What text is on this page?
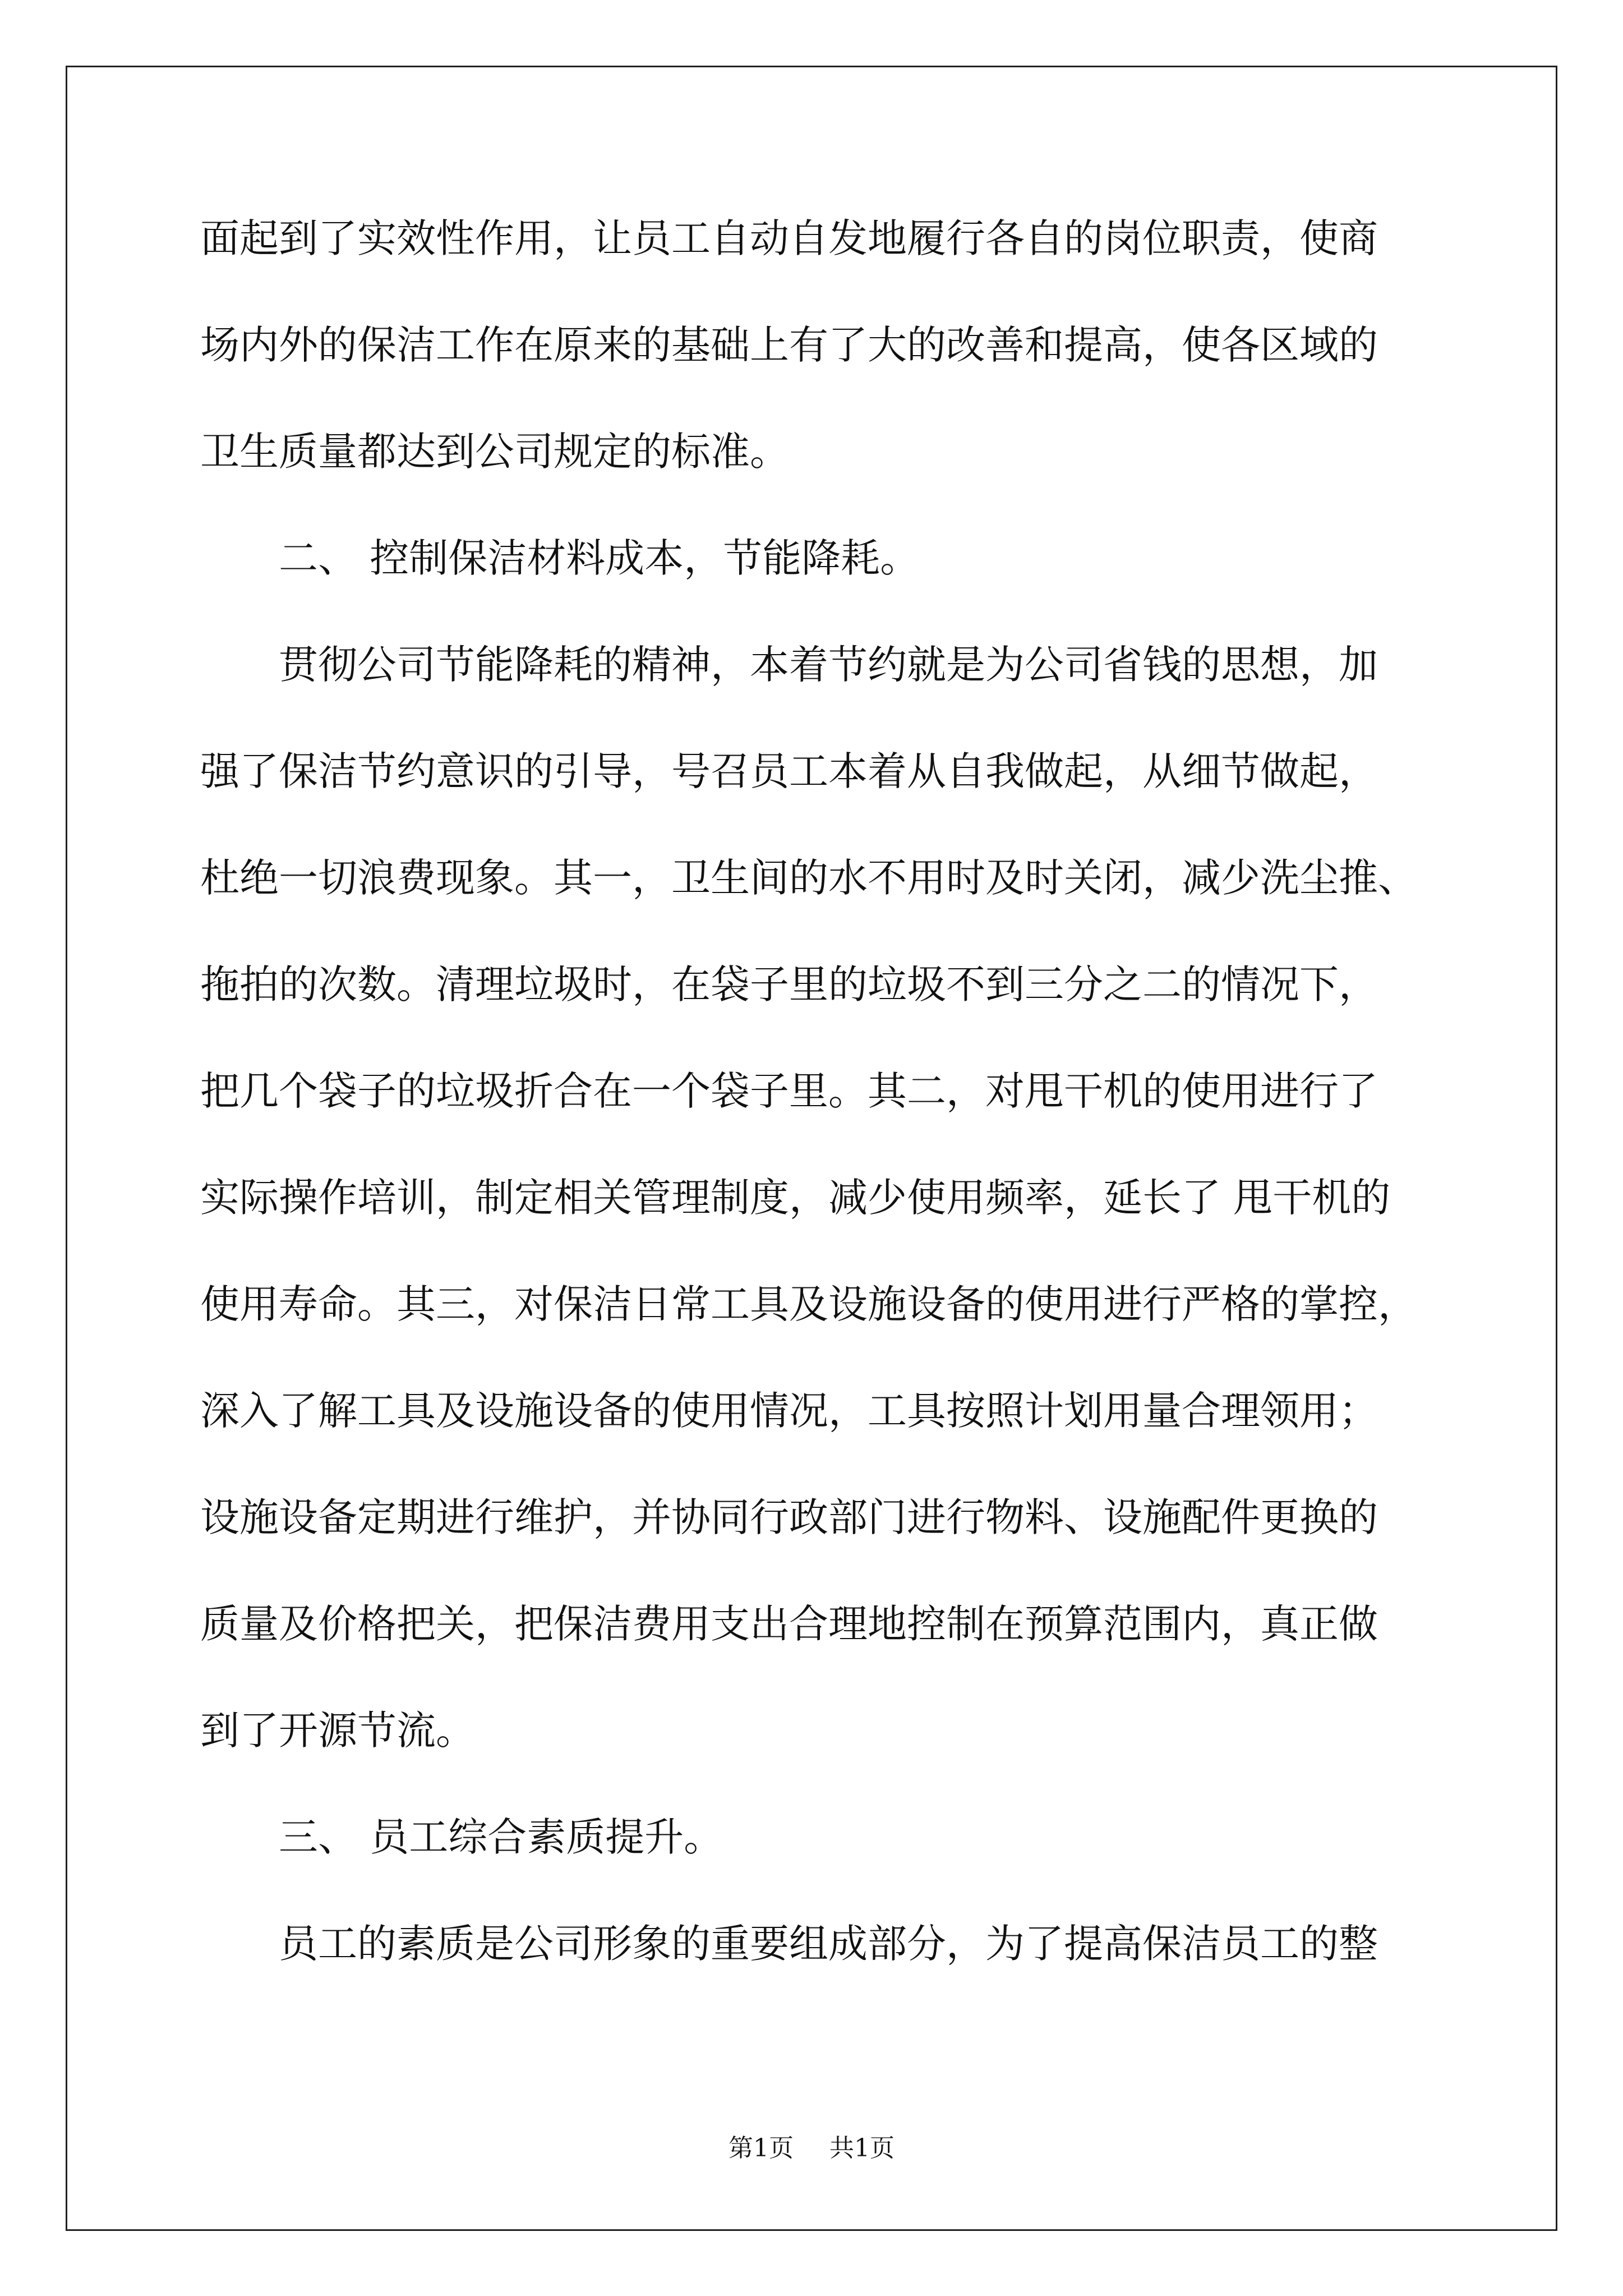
面起到了实效性作用，让员工自动自发地履行各自的岗位职责，使商
场内外的保洁工作在原来的基础上有了大的改善和提高，使各区域的
卫生质量都达到公司规定的标准。
　　二、 控制保洁材料成本，节能降耗。
　　贯彻公司节能降耗的精神，本着节约就是为公司省钱的思想，加
强了保洁节约意识的引导，号召员工本着从自我做起，从细节做起，
杜绝一切浪费现象。其一，卫生间的水不用时及时关闭，减少洗尘推、
拖拍的次数。清理垃圾时，在袋子里的垃圾不到三分之二的情况下，
把几个袋子的垃圾折合在一个袋子里。其二，对甩干机的使用进行了
实际操作培训，制定相关管理制度，减少使用频率，延长了 甩干机的
使用寿命。其三，对保洁日常工具及设施设备的使用进行严格的掌控，
深入了解工具及设施设备的使用情况，工具按照计划用量合理领用；
设施设备定期进行维护，并协同行政部门进行物料、设施配件更换的
质量及价格把关，把保洁费用支出合理地控制在预算范围内，真正做
到了开源节流。
　　三、 员工综合素质提升。
　　员工的素质是公司形象的重要组成部分，为了提高保洁员工的整
第1页 共1页
